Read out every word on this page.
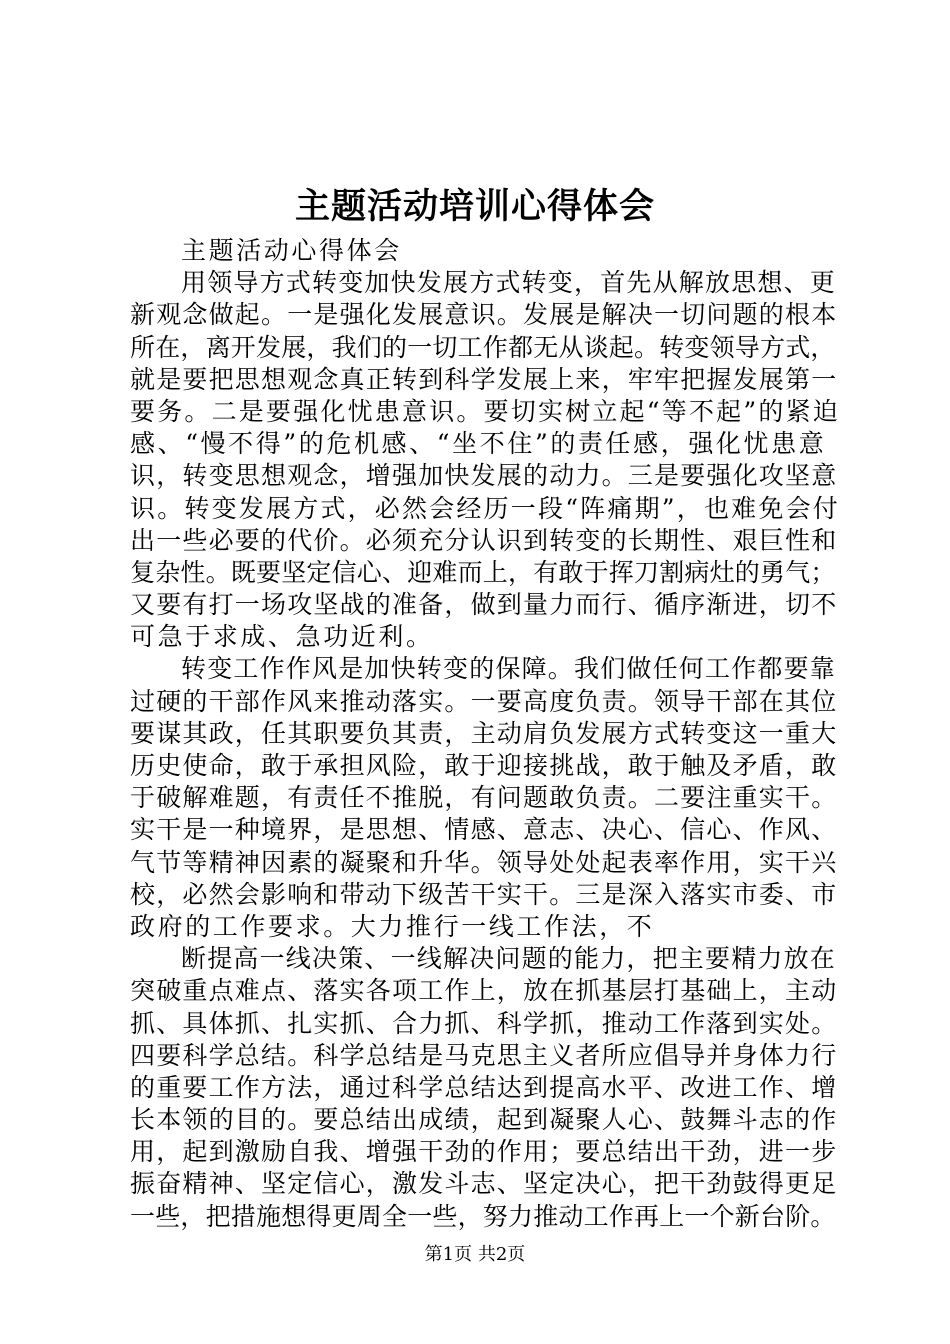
主题活动培训心得体会
主题活动心得体会
用领导方式转变加快发展方式转变，首先从解放思想、更
新观念做起。一是强化发展意识。发展是解决一切问题的根本
所在，离开发展，我们的一切工作都无从谈起。转变领导方式，
就是要把思想观念真正转到科学发展上来，牢牢把握发展第一
要务。二是要强化忧患意识。要切实树立起“等不起”的紧迫
感、“慢不得”的危机感、“坐不住”的责任感，强化忧患意
识，转变思想观念，增强加快发展的动力。三是要强化攻坚意
识。转变发展方式，必然会经历一段“阵痛期”，也难免会付
出一些必要的代价。必须充分认识到转变的长期性、艰巨性和
复杂性。既要坚定信心、迎难而上，有敢于挥刀割病灶的勇气；
又要有打一场攻坚战的准备，做到量力而行、循序渐进，切不
可急于求成、急功近利。
转变工作作风是加快转变的保障。我们做任何工作都要靠
过硬的干部作风来推动落实。一要高度负责。领导干部在其位
要谋其政，任其职要负其责，主动肩负发展方式转变这一重大
历史使命，敢于承担风险，敢于迎接挑战，敢于触及矛盾，敢
于破解难题，有责任不推脱，有问题敢负责。二要注重实干。
实干是一种境界，是思想、情感、意志、决心、信心、作风、
气节等精神因素的凝聚和升华。领导处处起表率作用，实干兴
校，必然会影响和带动下级苦干实干。三是深入落实市委、市
政府的工作要求。大力推行一线工作法，不
断提高一线决策、一线解决问题的能力，把主要精力放在
突破重点难点、落实各项工作上，放在抓基层打基础上，主动
抓、具体抓、扎实抓、合力抓、科学抓，推动工作落到实处。
四要科学总结。科学总结是马克思主义者所应倡导并身体力行
的重要工作方法，通过科学总结达到提高水平、改进工作、增
长本领的目的。要总结出成绩，起到凝聚人心、鼓舞斗志的作
用，起到激励自我、增强干劲的作用；要总结出干劲，进一步
振奋精神、坚定信心，激发斗志、坚定决心，把干劲鼓得更足
一些，把措施想得更周全一些，努力推动工作再上一个新台阶。
第1页 共2页
